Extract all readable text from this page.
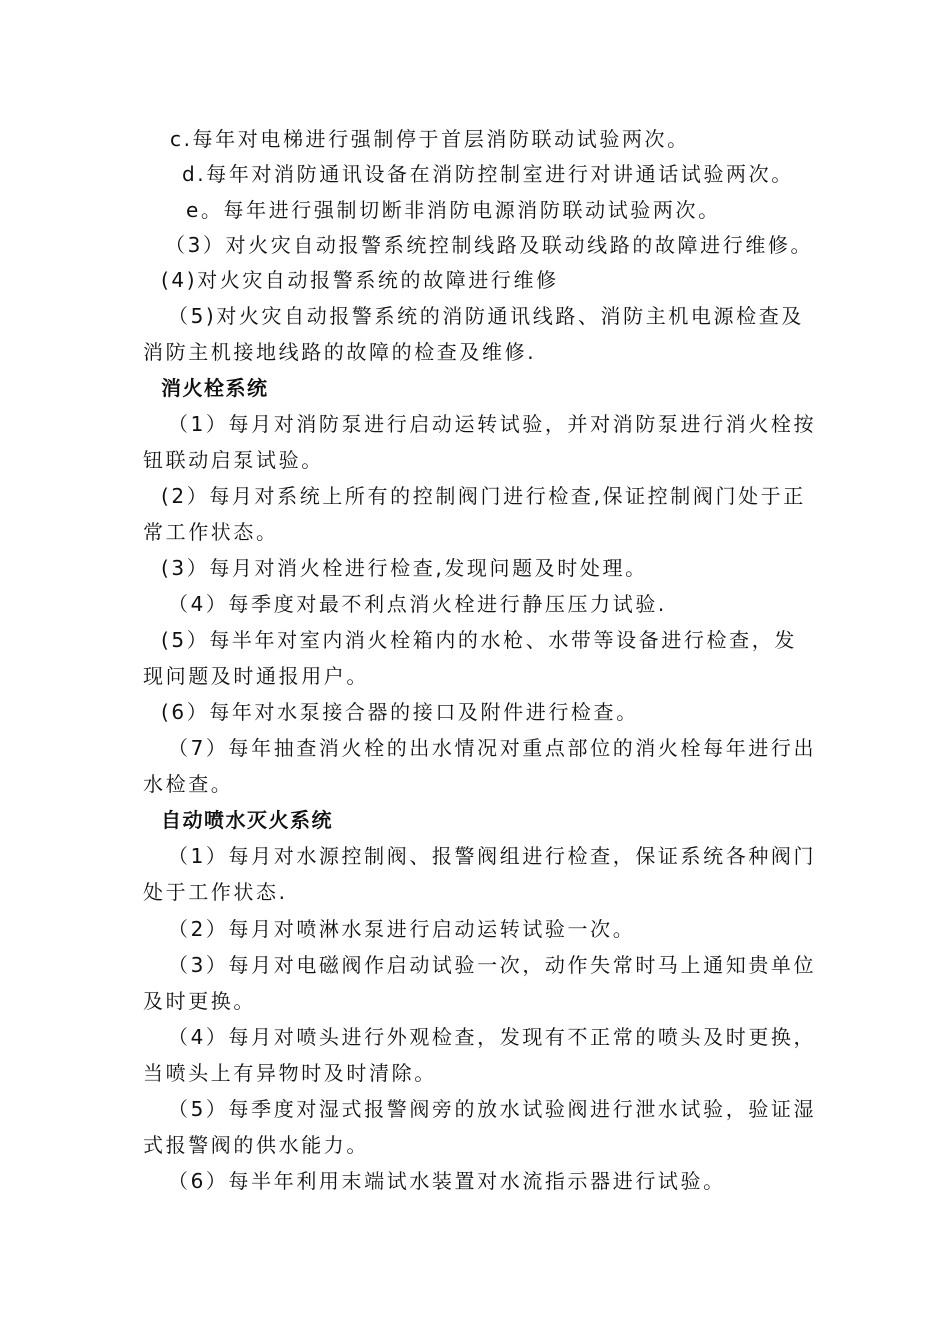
c.每年对电梯进行强制停于首层消防联动试验两次。
d.每年对消防通讯设备在消防控制室进行对讲通话试验两次。
e。每年进行强制切断非消防电源消防联动试验两次。
（3）对火灾自动报警系统控制线路及联动线路的故障进行维修。
(4)对火灾自动报警系统的故障进行维修
（5)对火灾自动报警系统的消防通讯线路、消防主机电源检查及
消防主机接地线路的故障的检查及维修.
消火栓系统
（1）每月对消防泵进行启动运转试验，并对消防泵进行消火栓按
钮联动启泵试验。
(2）每月对系统上所有的控制阀门进行检查,保证控制阀门处于正
常工作状态。
(3）每月对消火栓进行检查,发现问题及时处理。
（4）每季度对最不利点消火栓进行静压压力试验.
(5）每半年对室内消火栓箱内的水枪、水带等设备进行检查，发
现问题及时通报用户。
(6）每年对水泵接合器的接口及附件进行检查。
（7）每年抽查消火栓的出水情况对重点部位的消火栓每年进行出
水检查。
自动喷水灭火系统
（1）每月对水源控制阀、报警阀组进行检查，保证系统各种阀门
处于工作状态.
（2）每月对喷淋水泵进行启动运转试验一次。
（3）每月对电磁阀作启动试验一次，动作失常时马上通知贵单位
及时更换。
（4）每月对喷头进行外观检查，发现有不正常的喷头及时更换，
当喷头上有异物时及时清除。
（5）每季度对湿式报警阀旁的放水试验阀进行泄水试验，验证湿
式报警阀的供水能力。
（6）每半年利用末端试水装置对水流指示器进行试验。
